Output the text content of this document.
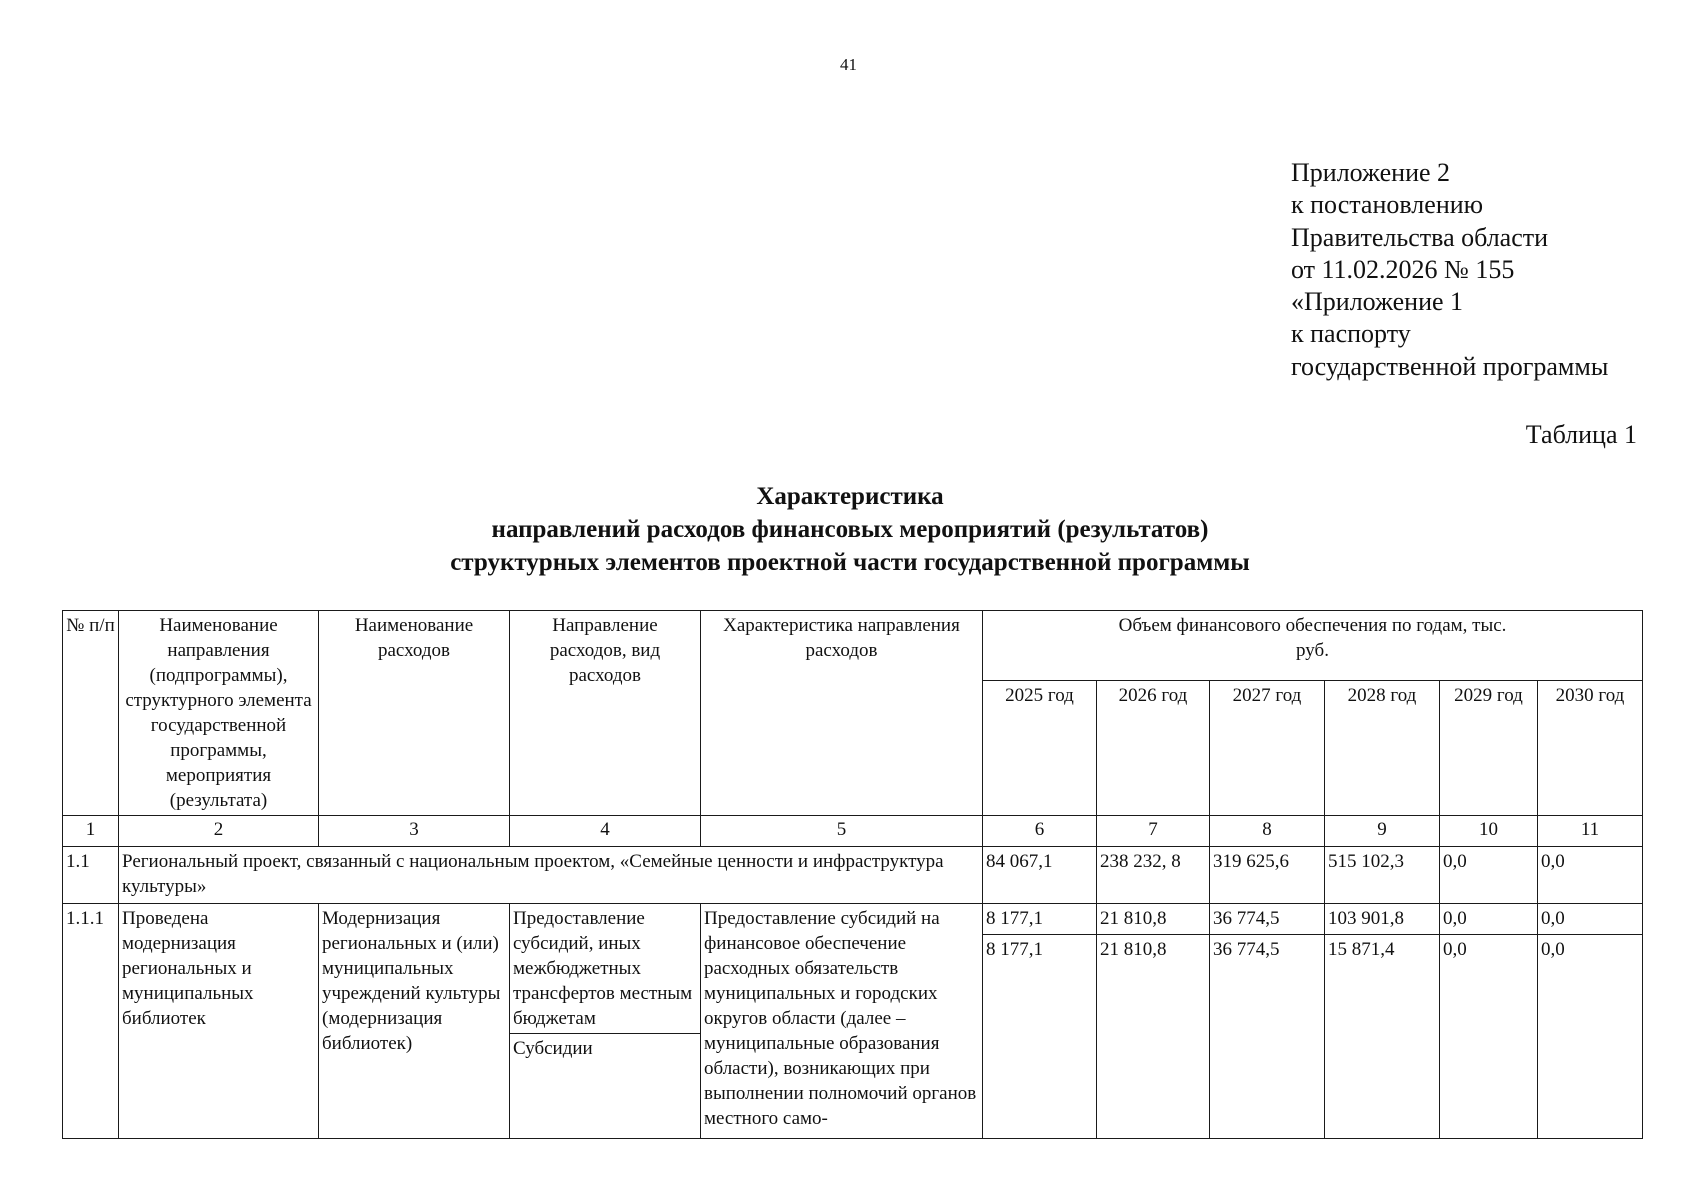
41
Приложение 2
к постановлению
Правительства области
от 11.02.2026 № 155
«Приложение 1
к паспорту
государственной программы
Таблица 1
Характеристика
направлений расходов финансовых мероприятий (результатов)
структурных элементов проектной части государственной программы
№ п/п	Наименование направления (подпрограммы), структурного элемента государственной программы, мероприятия (результата)	Наименование расходов	Направление расходов, вид расходов	Характеристика направления расходов	Объем финансового обеспечения по годам, тыс. руб.					
					2025 год	2026 год	2027 год	2028 год	2029 год	2030 год
1	2	3	4	5	6	7	8	9	10	11
1.1	Региональный проект, связанный с национальным проектом, «Семейные ценности и инфраструктура культуры»				84 067,1	238 232, 8	319 625,6	515 102,3	0,0	0,0
1.1.1	Проведена модернизация региональных и муниципальных библиотек	Модернизация региональных и (или) муниципальных учреждений культуры (модернизация библиотек)	Предоставление субсидий, иных межбюджетных трансфертов местным бюджетам	Предоставление субсидий на финансовое обеспечение расходных обязательств муниципальных и городских округов области (далее – муниципальные образования области), возникающих при выполнении полномочий органов местного само-	8 177,1	21 810,8	36 774,5	103 901,8	0,0	0,0
					8 177,1	21 810,8	36 774,5	15 871,4	0,0	0,0
			Субсидии							
